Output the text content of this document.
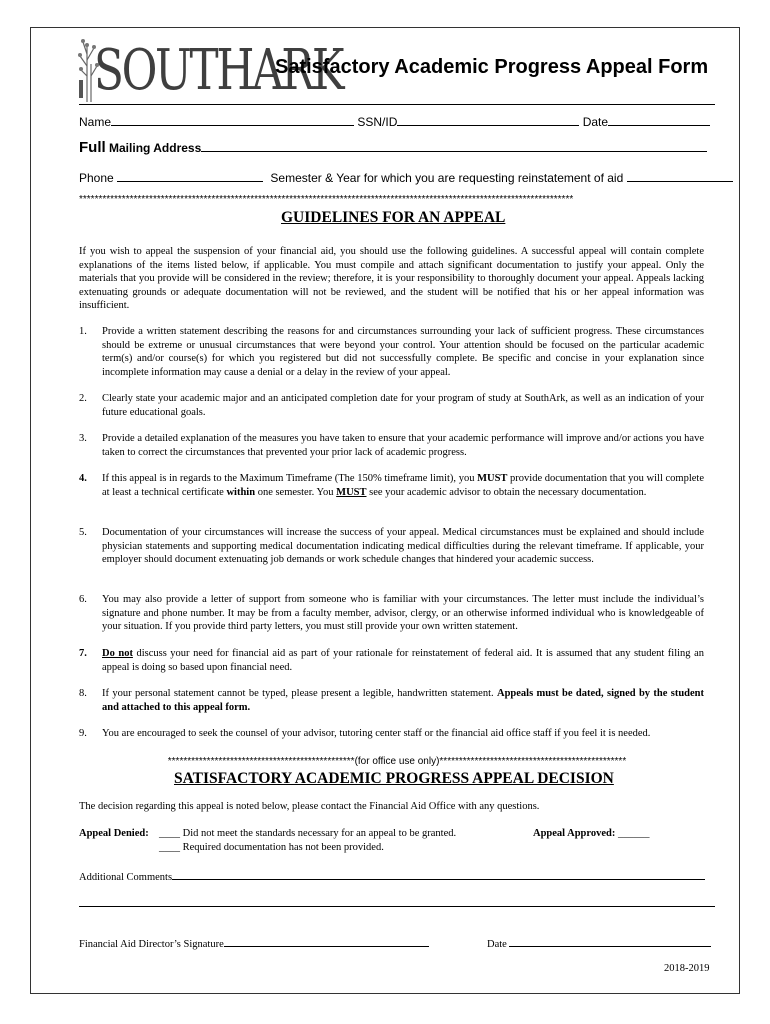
SOUTHARK
Satisfactory Academic Progress Appeal Form
Name	SSN/ID	Date
Full Mailing Address
Phone	Semester & Year for which you are requesting reinstatement of aid
*******************************************************************************************************************************
GUIDELINES FOR AN APPEAL
If you wish to appeal the suspension of your financial aid, you should use the following guidelines. A successful appeal will contain complete explanations of the items listed below, if applicable. You must compile and attach significant documentation to justify your appeal. Only the materials that you provide will be considered in the review; therefore, it is your responsibility to thoroughly document your appeal. Appeals lacking extenuating grounds or adequate documentation will not be reviewed, and the student will be notified that his or her appeal information was insufficient.
1.	Provide a written statement describing the reasons for and circumstances surrounding your lack of sufficient progress. These circumstances should be extreme or unusual circumstances that were beyond your control. Your attention should be focused on the particular academic term(s) and/or course(s) for which you registered but did not successfully complete. Be specific and concise in your explanation since incomplete information may cause a denial or a delay in the review of your appeal.
2.	Clearly state your academic major and an anticipated completion date for your program of study at SouthArk, as well as an indication of your future educational goals.
3.	Provide a detailed explanation of the measures you have taken to ensure that your academic performance will improve and/or actions you have taken to correct the circumstances that prevented your prior lack of academic progress.
4.	If this appeal is in regards to the Maximum Timeframe (The 150% timeframe limit), you MUST provide documentation that you will complete at least a technical certificate within one semester. You MUST see your academic advisor to obtain the necessary documentation.
5.	Documentation of your circumstances will increase the success of your appeal. Medical circumstances must be explained and should include physician statements and supporting medical documentation indicating medical difficulties during the relevant timeframe. If applicable, your employer should document extenuating job demands or work schedule changes that hindered your academic success.
6.	You may also provide a letter of support from someone who is familiar with your circumstances. The letter must include the individual’s signature and phone number. It may be from a faculty member, advisor, clergy, or an otherwise informed individual who is knowledgeable of your situation. If you provide third party letters, you must still provide your own written statement.
7.	Do not discuss your need for financial aid as part of your rationale for reinstatement of federal aid. It is assumed that any student filing an appeal is doing so based upon financial need.
8.	If your personal statement cannot be typed, please present a legible, handwritten statement. Appeals must be dated, signed by the student and attached to this appeal form.
9.	You are encouraged to seek the counsel of your advisor, tutoring center staff or the financial aid office staff if you feel it is needed.
************************************************(for office use only)************************************************
SATISFACTORY ACADEMIC PROGRESS APPEAL DECISION
The decision regarding this appeal is noted below, please contact the Financial Aid Office with any questions.
Appeal Denied: ____ Did not meet the standards necessary for an appeal to be granted.
____ Required documentation has not been provided.
Appeal Approved: ______
Additional Comments
Financial Aid Director’s Signature	Date
2018-2019
